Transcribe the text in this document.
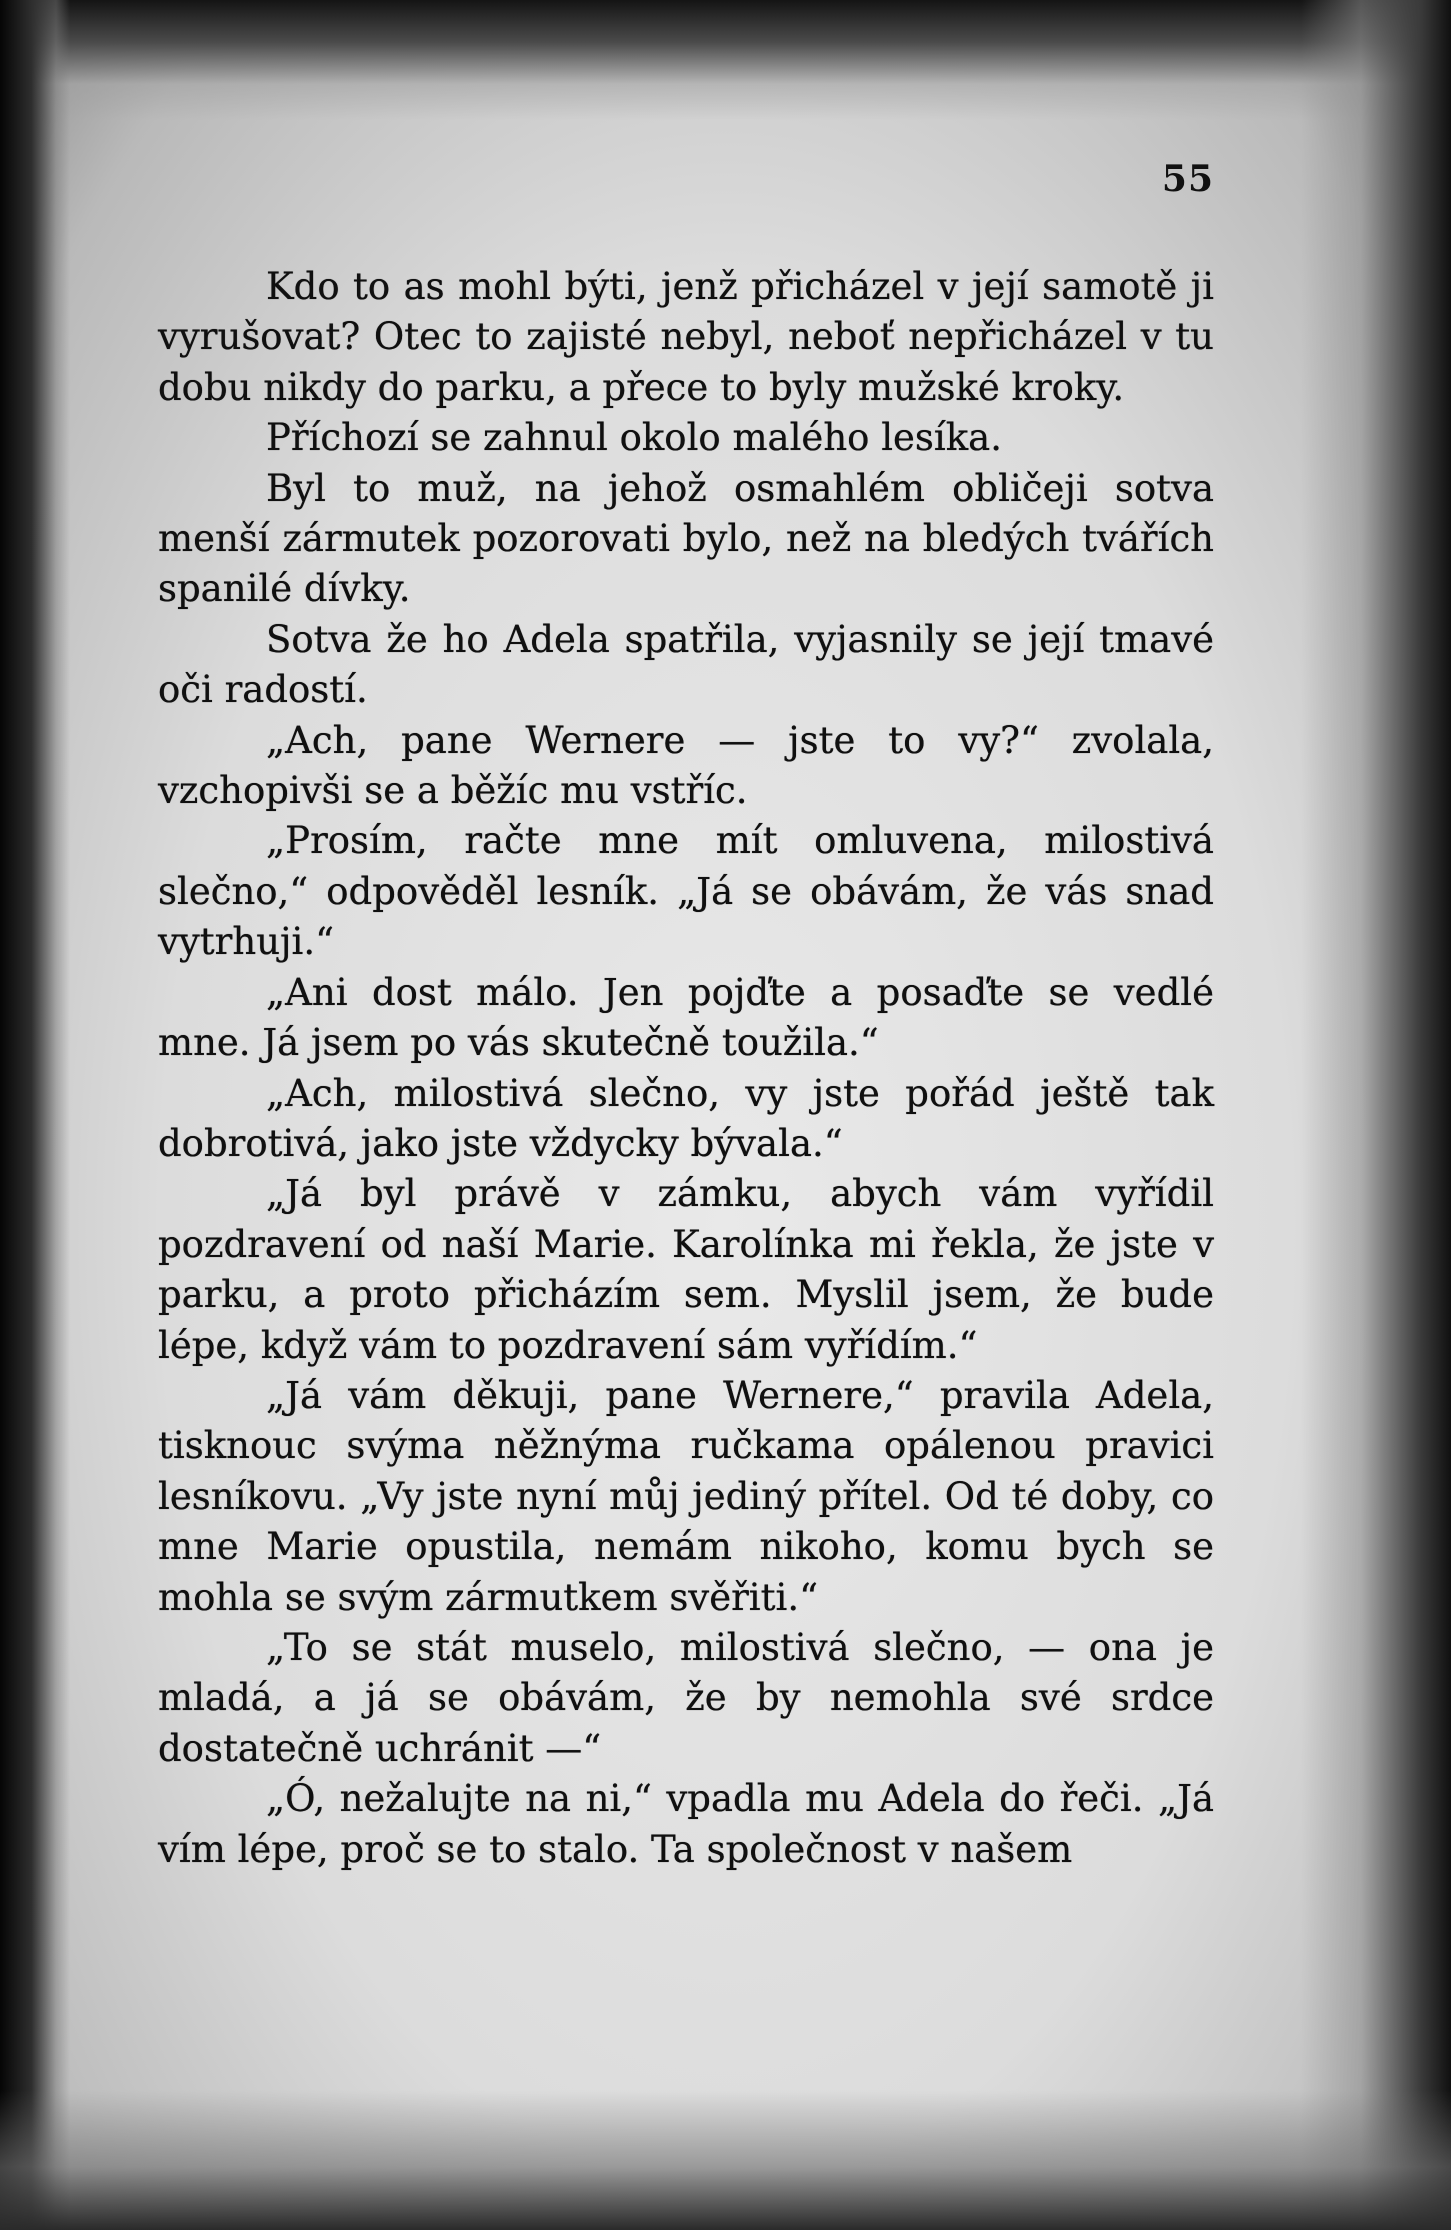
55

Kdo to as mohl býti, jenž přicházel v její samotě ji vyrušovat? Otec to zajisté nebyl, neboť nepřicházel v tu dobu nikdy do parku, a přece to byly mužské kroky.

Příchozí se zahnul okolo malého lesíka.

Byl to muž, na jehož osmahlém obličeji sotva menší zármutek pozorovati bylo, než na bledých tvářích spanilé dívky.

Sotva že ho Adela spatřila, vyjasnily se její tmavé oči radostí.

„Ach, pane Wernere — jste to vy?“ zvolala, vzchopivši se a běžíc mu vstříc.

„Prosím, račte mne mít omluvena, milostivá slečno,“ odpověděl lesník. „Já se obávám, že vás snad vytrhuji.“

„Ani dost málo. Jen pojďte a posaďte se vedlé mne. Já jsem po vás skutečně toužila.“

„Ach, milostivá slečno, vy jste pořád ještě tak dobrotivá, jako jste vždycky bývala.“

„Já byl právě v zámku, abych vám vyřídil pozdravení od naší Marie. Karolínka mi řekla, že jste v parku, a proto přicházím sem. Myslil jsem, že bude lépe, když vám to pozdravení sám vyřídím.“

„Já vám děkuji, pane Wernere,“ pravila Adela, tisknouc svýma něžnýma ručkama opálenou pravici lesníkovu. „Vy jste nyní můj jediný přítel. Od té doby, co mne Marie opustila, nemám nikoho, komu bych se mohla se svým zármutkem svěřiti.“

„To se stát muselo, milostivá slečno, — ona je mladá, a já se obávám, že by nemohla své srdce dostatečně uchránit —“

„Ó, nežalujte na ni,“ vpadla mu Adela do řeči. „Já vím lépe, proč se to stalo. Ta společnost v našem
